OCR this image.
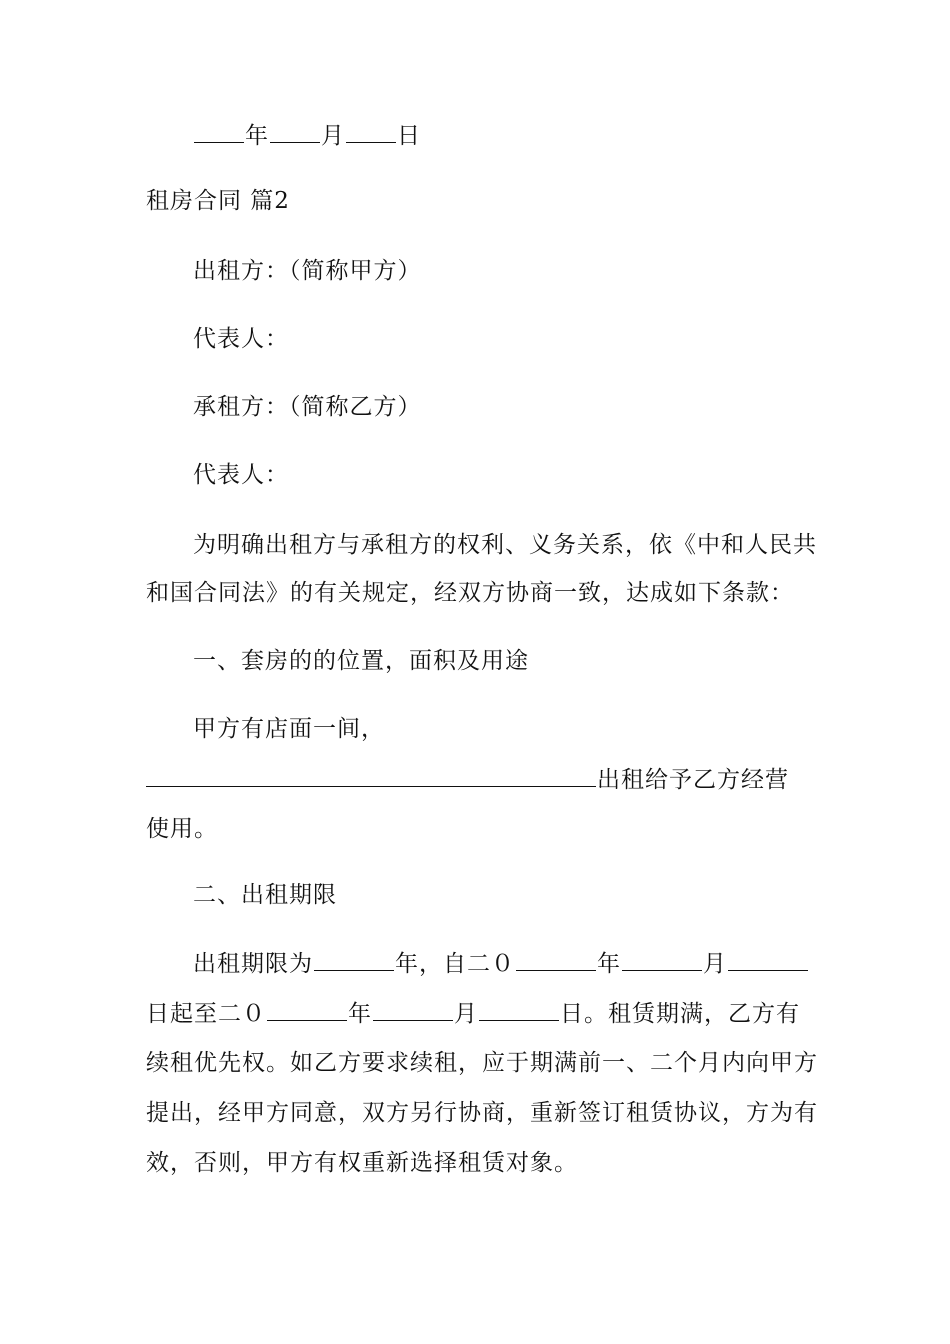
年 月 日
租房合同 篇2
出租方：（简称甲方）
代表人：
承租方：（简称乙方）
代表人：
为明确出租方与承租方的权利、义务关系，依《中和人民共
和国合同法》的有关规定，经双方协商一致，达成如下条款：
一、套房的的位置，面积及用途
甲方有店面一间，
出租给予乙方经营
使用。
二、出租期限
出租期限为	年，自二０	年	月
日起至二０	年	月	日。租赁期满，乙方有
续租优先权。如乙方要求续租，应于期满前一、二个月内向甲方
提出，经甲方同意，双方另行协商，重新签订租赁协议，方为有
效，否则，甲方有权重新选择租赁对象。
